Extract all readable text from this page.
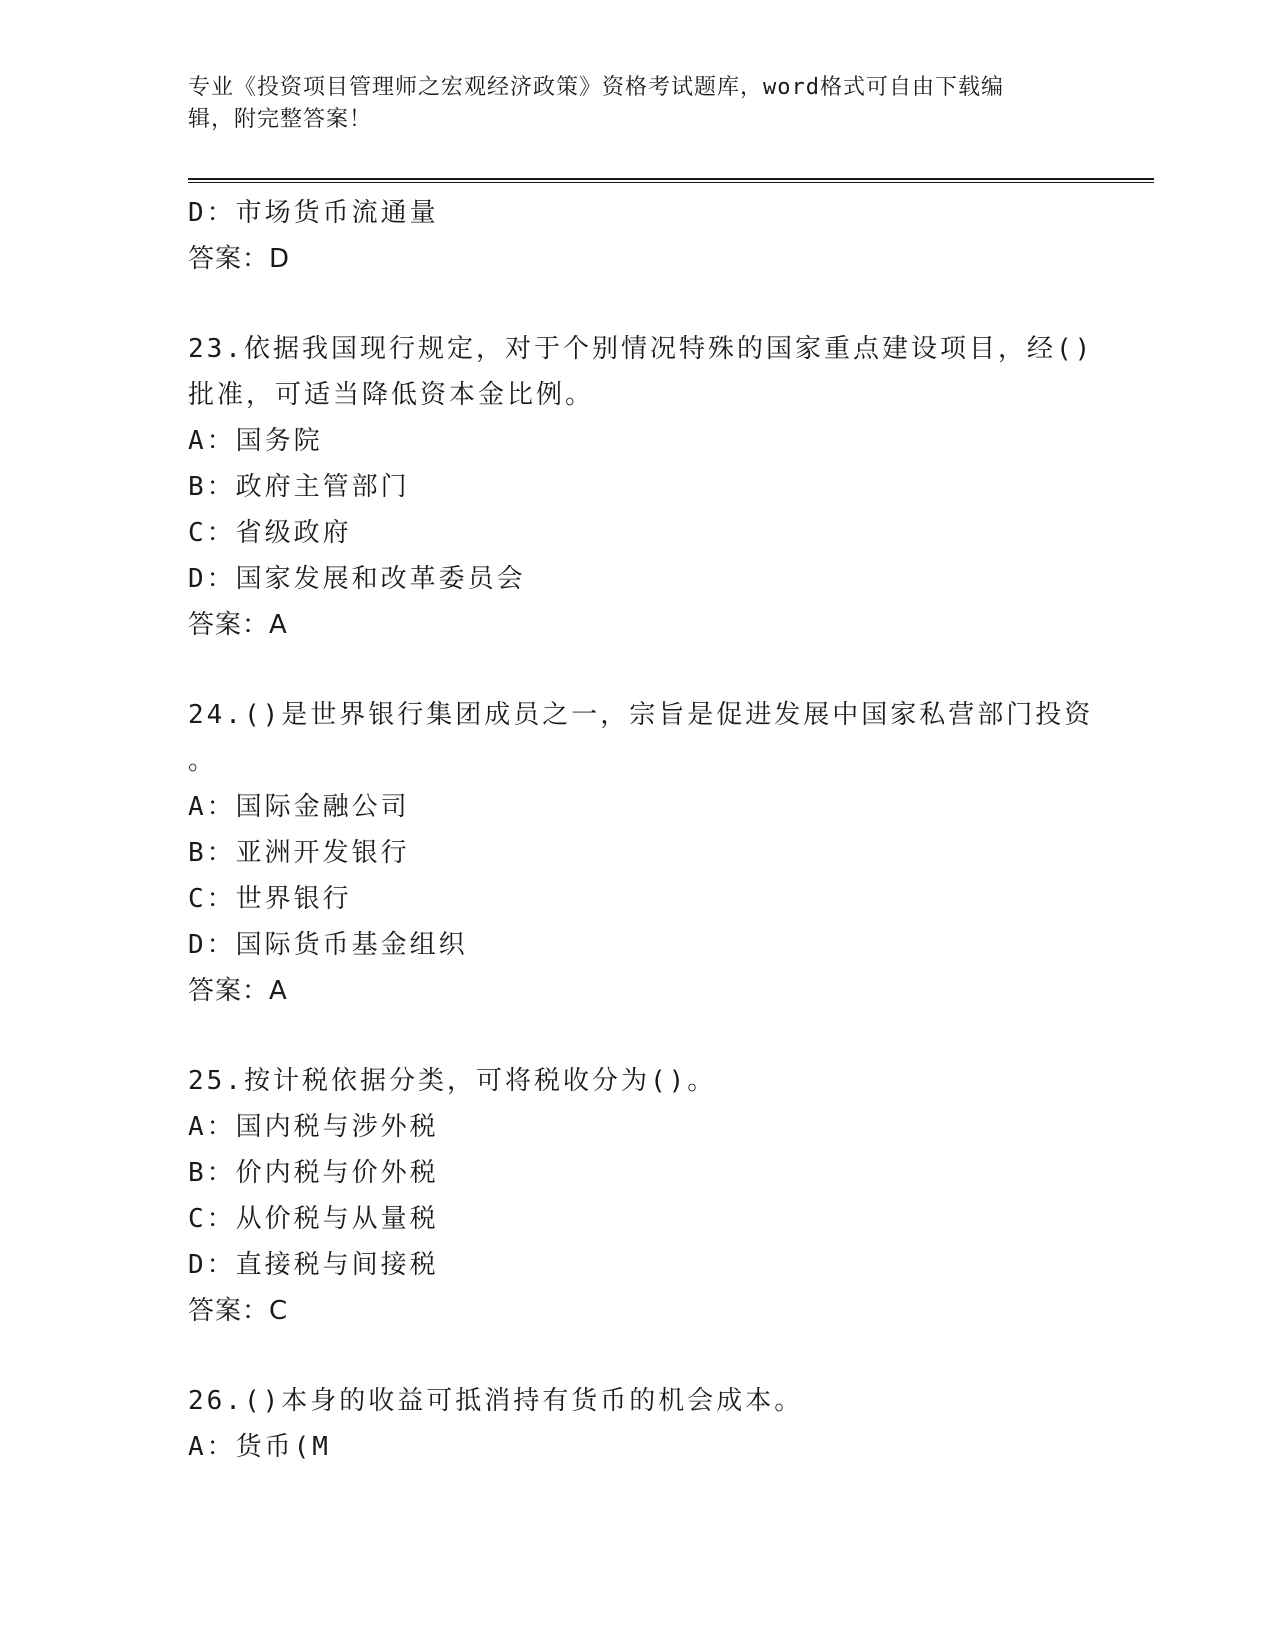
专业《投资项目管理师之宏观经济政策》资格考试题库，word格式可自由下载编
辑，附完整答案！
D：市场货币流通量
答案：D
23.依据我国现行规定，对于个别情况特殊的国家重点建设项目，经()
批准，可适当降低资本金比例。
A：国务院
B：政府主管部门
C：省级政府
D：国家发展和改革委员会
答案：A
24.()是世界银行集团成员之一，宗旨是促进发展中国家私营部门投资
。
A：国际金融公司
B：亚洲开发银行
C：世界银行
D：国际货币基金组织
答案：A
25.按计税依据分类，可将税收分为()。
A：国内税与涉外税
B：价内税与价外税
C：从价税与从量税
D：直接税与间接税
答案：C
26.()本身的收益可抵消持有货币的机会成本。
A：货币(M
